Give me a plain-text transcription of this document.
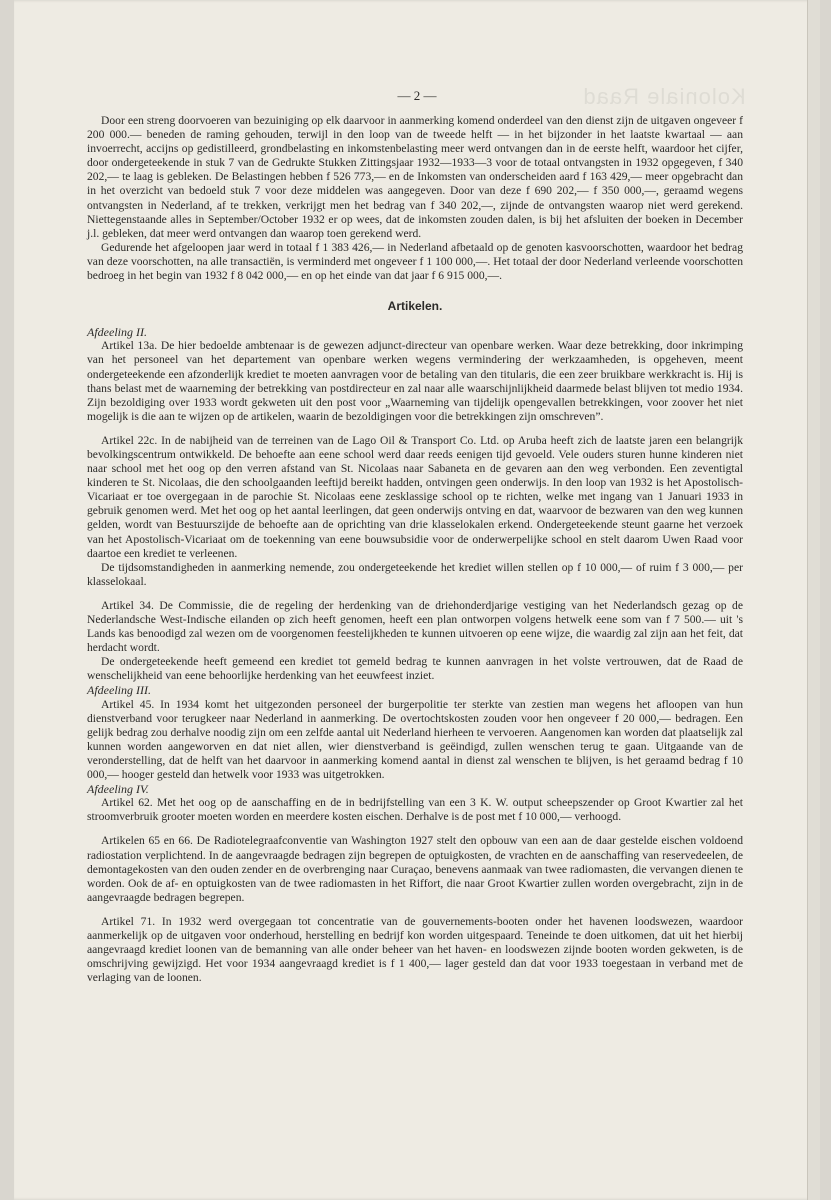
Koloniale Raad
— 2 —

Door een streng doorvoeren van bezuiniging op elk daarvoor in aanmerking komend onderdeel van den dienst zijn de uitgaven ongeveer f 200 000.— beneden de raming gehouden, terwijl in den loop van de tweede helft — in het bijzonder in het laatste kwartaal — aan invoerrecht, accijns op gedistilleerd, grondbelasting en inkomstenbelasting meer werd ontvangen dan in de eerste helft, waardoor het cijfer, door ondergeteekende in stuk 7 van de Gedrukte Stukken Zittingsjaar 1932—1933—3 voor de totaal ontvangsten in 1932 opgegeven, f 340 202,— te laag is gebleken. De Belastingen hebben f 526 773,— en de Inkomsten van onderscheiden aard f 163 429,— meer opgebracht dan in het overzicht van bedoeld stuk 7 voor deze middelen was aangegeven. Door van deze f 690 202,— f 350 000,—, geraamd wegens ontvangsten in Nederland, af te trekken, verkrijgt men het bedrag van f 340 202,—, zijnde de ontvangsten waarop niet werd gerekend. Niettegenstaande alles in September/October 1932 er op wees, dat de inkomsten zouden dalen, is bij het afsluiten der boeken in December j.l. gebleken, dat meer werd ontvangen dan waarop toen gerekend werd.

Gedurende het afgeloopen jaar werd in totaal f 1 383 426,— in Nederland afbetaald op de genoten kasvoorschotten, waardoor het bedrag van deze voorschotten, na alle transactiën, is verminderd met ongeveer f 1 100 000,—. Het totaal der door Nederland verleende voorschotten bedroeg in het begin van 1932 f 8 042 000,— en op het einde van dat jaar f 6 915 000,—.

Artikelen.

Afdeeling II.

Artikel 13a. De hier bedoelde ambtenaar is de gewezen adjunct-directeur van openbare werken. Waar deze betrekking, door inkrimping van het personeel van het departement van openbare werken wegens vermindering der werkzaamheden, is opgeheven, meent ondergeteekende een afzonderlijk krediet te moeten aanvragen voor de betaling van den titularis, die een zeer bruikbare werkkracht is. Hij is thans belast met de waarneming der betrekking van postdirecteur en zal naar alle waarschijnlijkheid daarmede belast blijven tot medio 1934. Zijn bezoldiging over 1933 wordt gekweten uit den post voor „Waarneming van tijdelijk opengevallen betrekkingen, voor zoover het niet mogelijk is die aan te wijzen op de artikelen, waarin de bezoldigingen voor die betrekkingen zijn omschreven”.

Artikel 22c. In de nabijheid van de terreinen van de Lago Oil & Transport Co. Ltd. op Aruba heeft zich de laatste jaren een belangrijk bevolkingscentrum ontwikkeld. De behoefte aan eene school werd daar reeds eenigen tijd gevoeld. Vele ouders sturen hunne kinderen niet naar school met het oog op den verren afstand van St. Nicolaas naar Sabaneta en de gevaren aan den weg verbonden. Een zeventigtal kinderen te St. Nicolaas, die den schoolgaanden leeftijd bereikt hadden, ontvingen geen onderwijs. In den loop van 1932 is het Apostolisch-Vicariaat er toe overgegaan in de parochie St. Nicolaas eene zesklassige school op te richten, welke met ingang van 1 Januari 1933 in gebruik genomen werd. Met het oog op het aantal leerlingen, dat geen onderwijs ontving en dat, waarvoor de bezwaren van den weg kunnen gelden, wordt van Bestuurszijde de behoefte aan de oprichting van drie klasselokalen erkend. Ondergeteekende steunt gaarne het verzoek van het Apostolisch-Vicariaat om de toekenning van eene bouwsubsidie voor de onderwerpelijke school en stelt daarom Uwen Raad voor daartoe een krediet te verleenen.

De tijdsomstandigheden in aanmerking nemende, zou ondergeteekende het krediet willen stellen op f 10 000,— of ruim f 3 000,— per klasselokaal.

Artikel 34. De Commissie, die de regeling der herdenking van de driehonderdjarige vestiging van het Nederlandsch gezag op de Nederlandsche West-Indische eilanden op zich heeft genomen, heeft een plan ontworpen volgens hetwelk eene som van f 7 500.— uit 's Lands kas benoodigd zal wezen om de voorgenomen feestelijkheden te kunnen uitvoeren op eene wijze, die waardig zal zijn aan het feit, dat herdacht wordt.

De ondergeteekende heeft gemeend een krediet tot gemeld bedrag te kunnen aanvragen in het volste vertrouwen, dat de Raad de wenschelijkheid van eene behoorlijke herdenking van het eeuwfeest inziet.

Afdeeling III.

Artikel 45. In 1934 komt het uitgezonden personeel der burgerpolitie ter sterkte van zestien man wegens het afloopen van hun dienstverband voor terugkeer naar Nederland in aanmerking. De overtochtskosten zouden voor hen ongeveer f 20 000,— bedragen. Een gelijk bedrag zou derhalve noodig zijn om een zelfde aantal uit Nederland hierheen te vervoeren. Aangenomen kan worden dat plaatselijk zal kunnen worden aangeworven en dat niet allen, wier dienstverband is geëindigd, zullen wenschen terug te gaan. Uitgaande van de veronderstelling, dat de helft van het daarvoor in aanmerking komend aantal in dienst zal wenschen te blijven, is het geraamd bedrag f 10 000,— hooger gesteld dan hetwelk voor 1933 was uitgetrokken.

Afdeeling IV.

Artikel 62. Met het oog op de aanschaffing en de in bedrijfstelling van een 3 K. W. output scheepszender op Groot Kwartier zal het stroomverbruik grooter moeten worden en meerdere kosten eischen. Derhalve is de post met f 10 000,— verhoogd.

Artikelen 65 en 66. De Radiotelegraafconventie van Washington 1927 stelt den opbouw van een aan de daar gestelde eischen voldoend radiostation verplichtend. In de aangevraagde bedragen zijn begrepen de optuigkosten, de vrachten en de aanschaffing van reservedeelen, de demontagekosten van den ouden zender en de overbrenging naar Curaçao, benevens aanmaak van twee radiomasten, die vervangen dienen te worden. Ook de af- en optuigkosten van de twee radiomasten in het Riffort, die naar Groot Kwartier zullen worden overgebracht, zijn in de aangevraagde bedragen begrepen.

Artikel 71. In 1932 werd overgegaan tot concentratie van de gouvernements-booten onder het havenen loodswezen, waardoor aanmerkelijk op de uitgaven voor onderhoud, herstelling en bedrijf kon worden uitgespaard. Teneinde te doen uitkomen, dat uit het hierbij aangevraagd krediet loonen van de bemanning van alle onder beheer van het haven- en loodswezen zijnde booten worden gekweten, is de omschrijving gewijzigd. Het voor 1934 aangevraagd krediet is f 1 400,— lager gesteld dan dat voor 1933 toegestaan in verband met de verlaging van de loonen.
